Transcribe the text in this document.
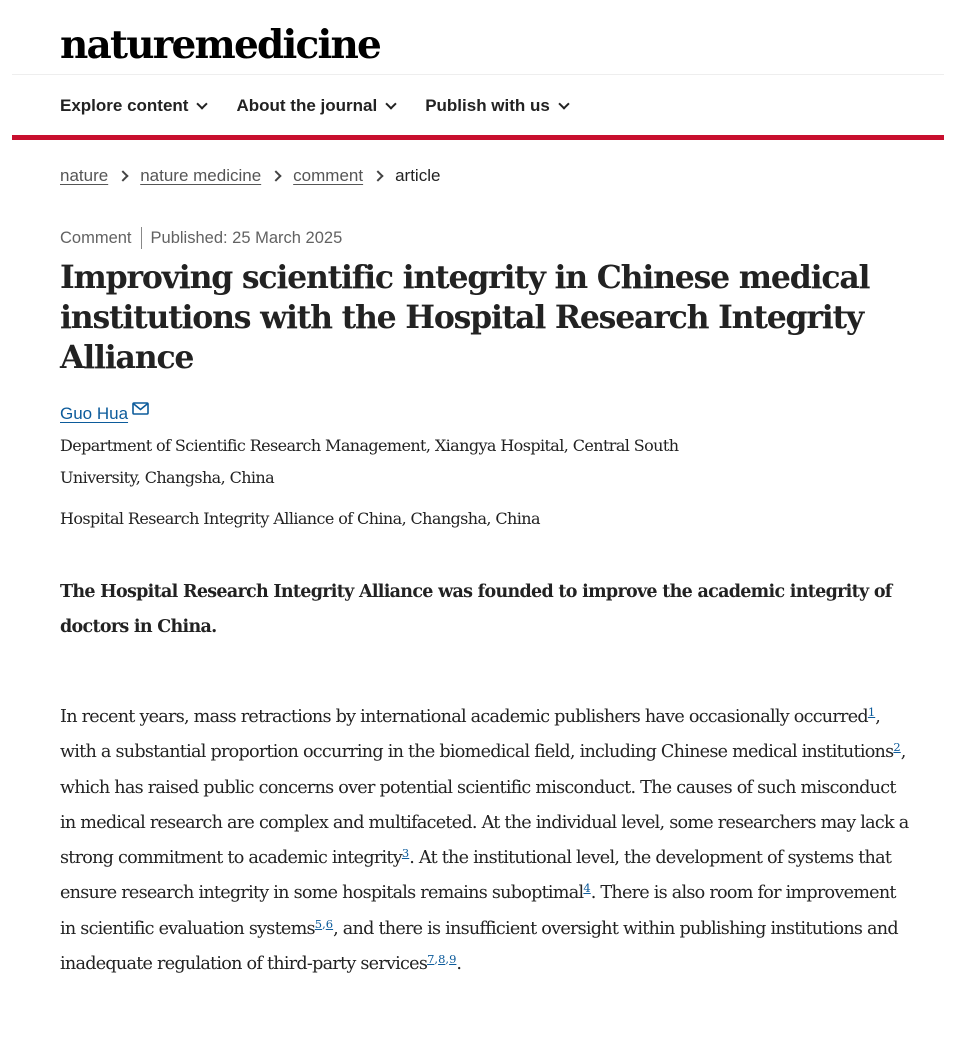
naturemedicine
Explore content	About the journal	Publish with us
nature nature medicine comment article
Comment Published: 25 March 2025
Improving scientific integrity in Chinese medical institutions with the Hospital Research Integrity Alliance
Guo Hua

Department of Scientific Research Management, Xiangya Hospital, Central South University, Changsha, China

Hospital Research Integrity Alliance of China, Changsha, China

The Hospital Research Integrity Alliance was founded to improve the academic integrity of doctors in China.

In recent years, mass retractions by international academic publishers have occasionally occurred$^1$, with a substantial proportion occurring in the biomedical field, including Chinese medical institutions$^2$, which has raised public concerns over potential scientific misconduct. The causes of such misconduct in medical research are complex and multifaceted. At the individual level, some researchers may lack a strong commitment to academic integrity$^3$. At the institutional level, the development of systems that ensure research integrity in some hospitals remains suboptimal$^4$. There is also room for improvement in scientific evaluation systems$^{5,6}$, and there is insufficient oversight within publishing institutions and inadequate regulation of third-party services$^{7,8,9}$.
